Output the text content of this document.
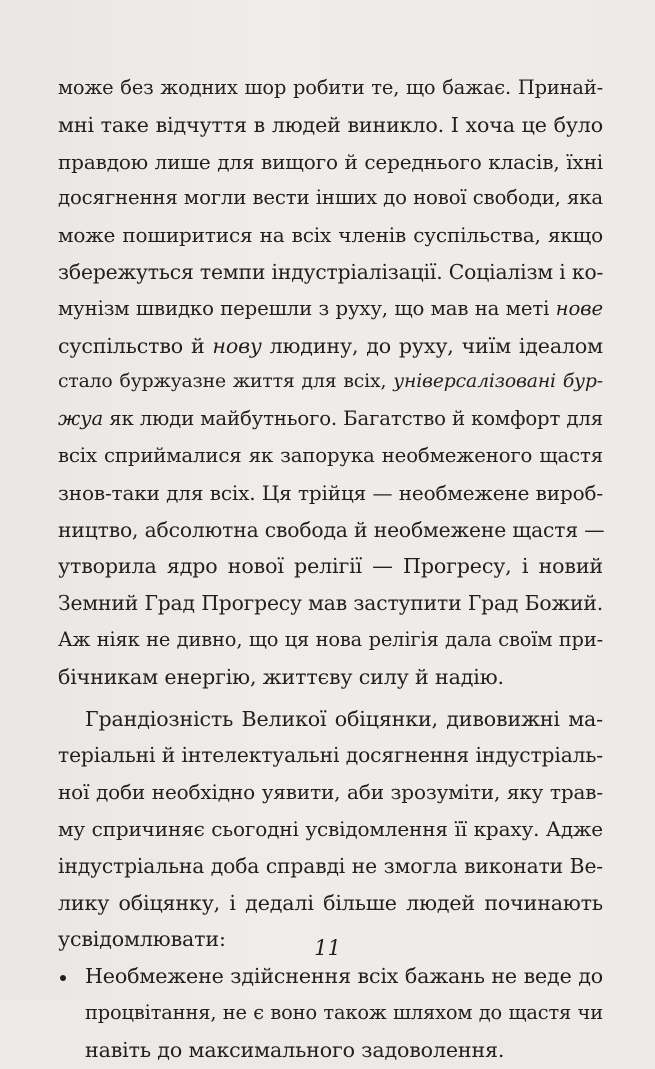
може без жодних шор робити те, що бажає. Принай-
мні таке відчуття в людей виникло. І хоча це було
правдою лише для вищого й середнього класів, їхні
досягнення могли вести інших до нової свободи, яка
може поширитися на всіх членів суспільства, якщо
збережуться темпи індустріалізації. Соціалізм і ко-
мунізм швидко перешли з руху, що мав на меті нове
суспільство й нову людину, до руху, чиїм ідеалом
стало буржуазне життя для всіх, універсалізовані бур-
жуа як люди майбутнього. Багатство й комфорт для
всіх сприймалися як запорука необмеженого щастя
знов-таки для всіх. Ця трійця — необмежене вироб-
ництво, абсолютна свобода й необмежене щастя —
утворила ядро нової релігії — Прогресу, і новий
Земний Град Прогресу мав заступити Град Божий.
Аж ніяк не дивно, що ця нова релігія дала своїм при-
бічникам енергію, життєву силу й надію.
Грандіозність Великої обіцянки, дивовижні ма-
теріальні й інтелектуальні досягнення індустріаль-
ної доби необхідно уявити, аби зрозуміти, яку трав-
му спричиняє сьогодні усвідомлення її краху. Адже
індустріальна доба справді не змогла виконати Ве-
лику обіцянку, і дедалі більше людей починають
усвідомлювати:
Необмежене здійснення всіх бажань не веде до
процвітання, не є воно також шляхом до щастя чи
навіть до максимального задоволення.
11
